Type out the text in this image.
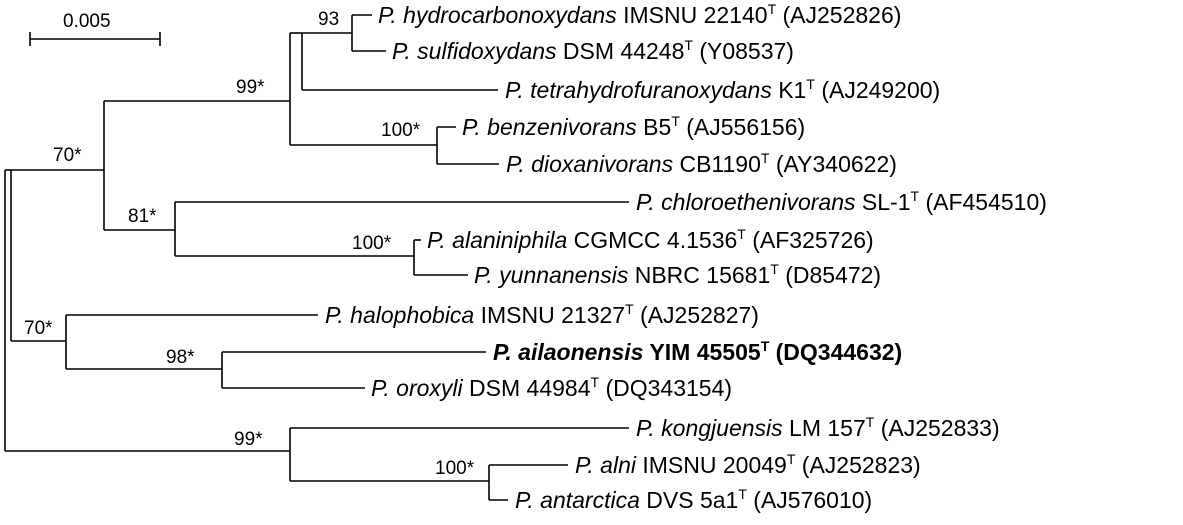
0.005	93
99*
100*
70*
81*
100*
70*
98*
99*
100*
P. hydrocarbonoxydans IMSNU $22140^T$ (AJ252826)
P. sulfidoxydans DSM $44248^T$ (Y08537)
P. tetrahydrofuranoxydans $K1^T$ (AJ249200)
P. benzenivorans $B5^T$ (AJ556156)
P. dioxanivorans $CB1190^T$ (AY340622)
P. chloroethenivorans $SL-1^T$ (AF454510)
P. alaniniphila CGMCC $4.1536^T$ (AF325726)
P. yunnanensis NBRC $15681^T$ (D85472)
P. halophobica IMSNU $21327^T$ (AJ252827)
P. ailaonensis YIM $45505^T$ (DQ344632)
P. oroxyli DSM $44984^T$ (DQ343154)
P. kongjuensis LM $157^T$ (AJ252833)
P. alni IMSNU $20049^T$ (AJ252823)
P. antarctica DVS $5a1^T$ (AJ576010)
